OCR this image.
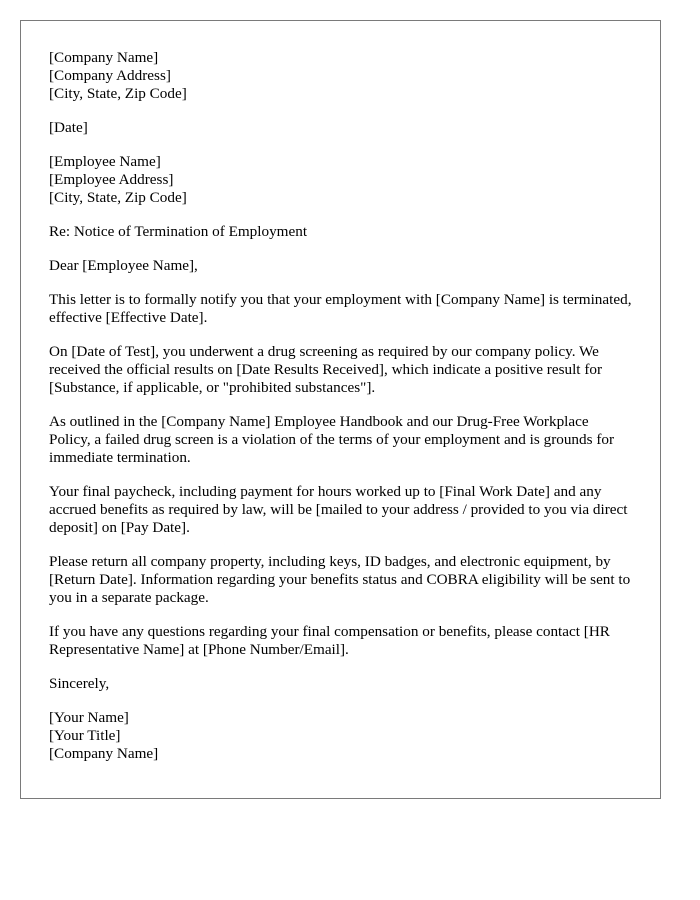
[Company Name]
[Company Address]
[City, State, Zip Code]
[Date]
[Employee Name]
[Employee Address]
[City, State, Zip Code]

Re: Notice of Termination of Employment

Dear [Employee Name],

This letter is to formally notify you that your employment with [Company Name] is terminated, effective [Effective Date].

On [Date of Test], you underwent a drug screening as required by our company policy. We received the official results on [Date Results Received], which indicate a positive result for [Substance, if applicable, or "prohibited substances"].

As outlined in the [Company Name] Employee Handbook and our Drug-Free Workplace Policy, a failed drug screen is a violation of the terms of your employment and is grounds for immediate termination.

Your final paycheck, including payment for hours worked up to [Final Work Date] and any accrued benefits as required by law, will be [mailed to your address / provided to you via direct deposit] on [Pay Date].

Please return all company property, including keys, ID badges, and electronic equipment, by [Return Date]. Information regarding your benefits status and COBRA eligibility will be sent to you in a separate package.

If you have any questions regarding your final compensation or benefits, please contact [HR Representative Name] at [Phone Number/Email].

Sincerely,

[Your Name]
[Your Title]
[Company Name]
